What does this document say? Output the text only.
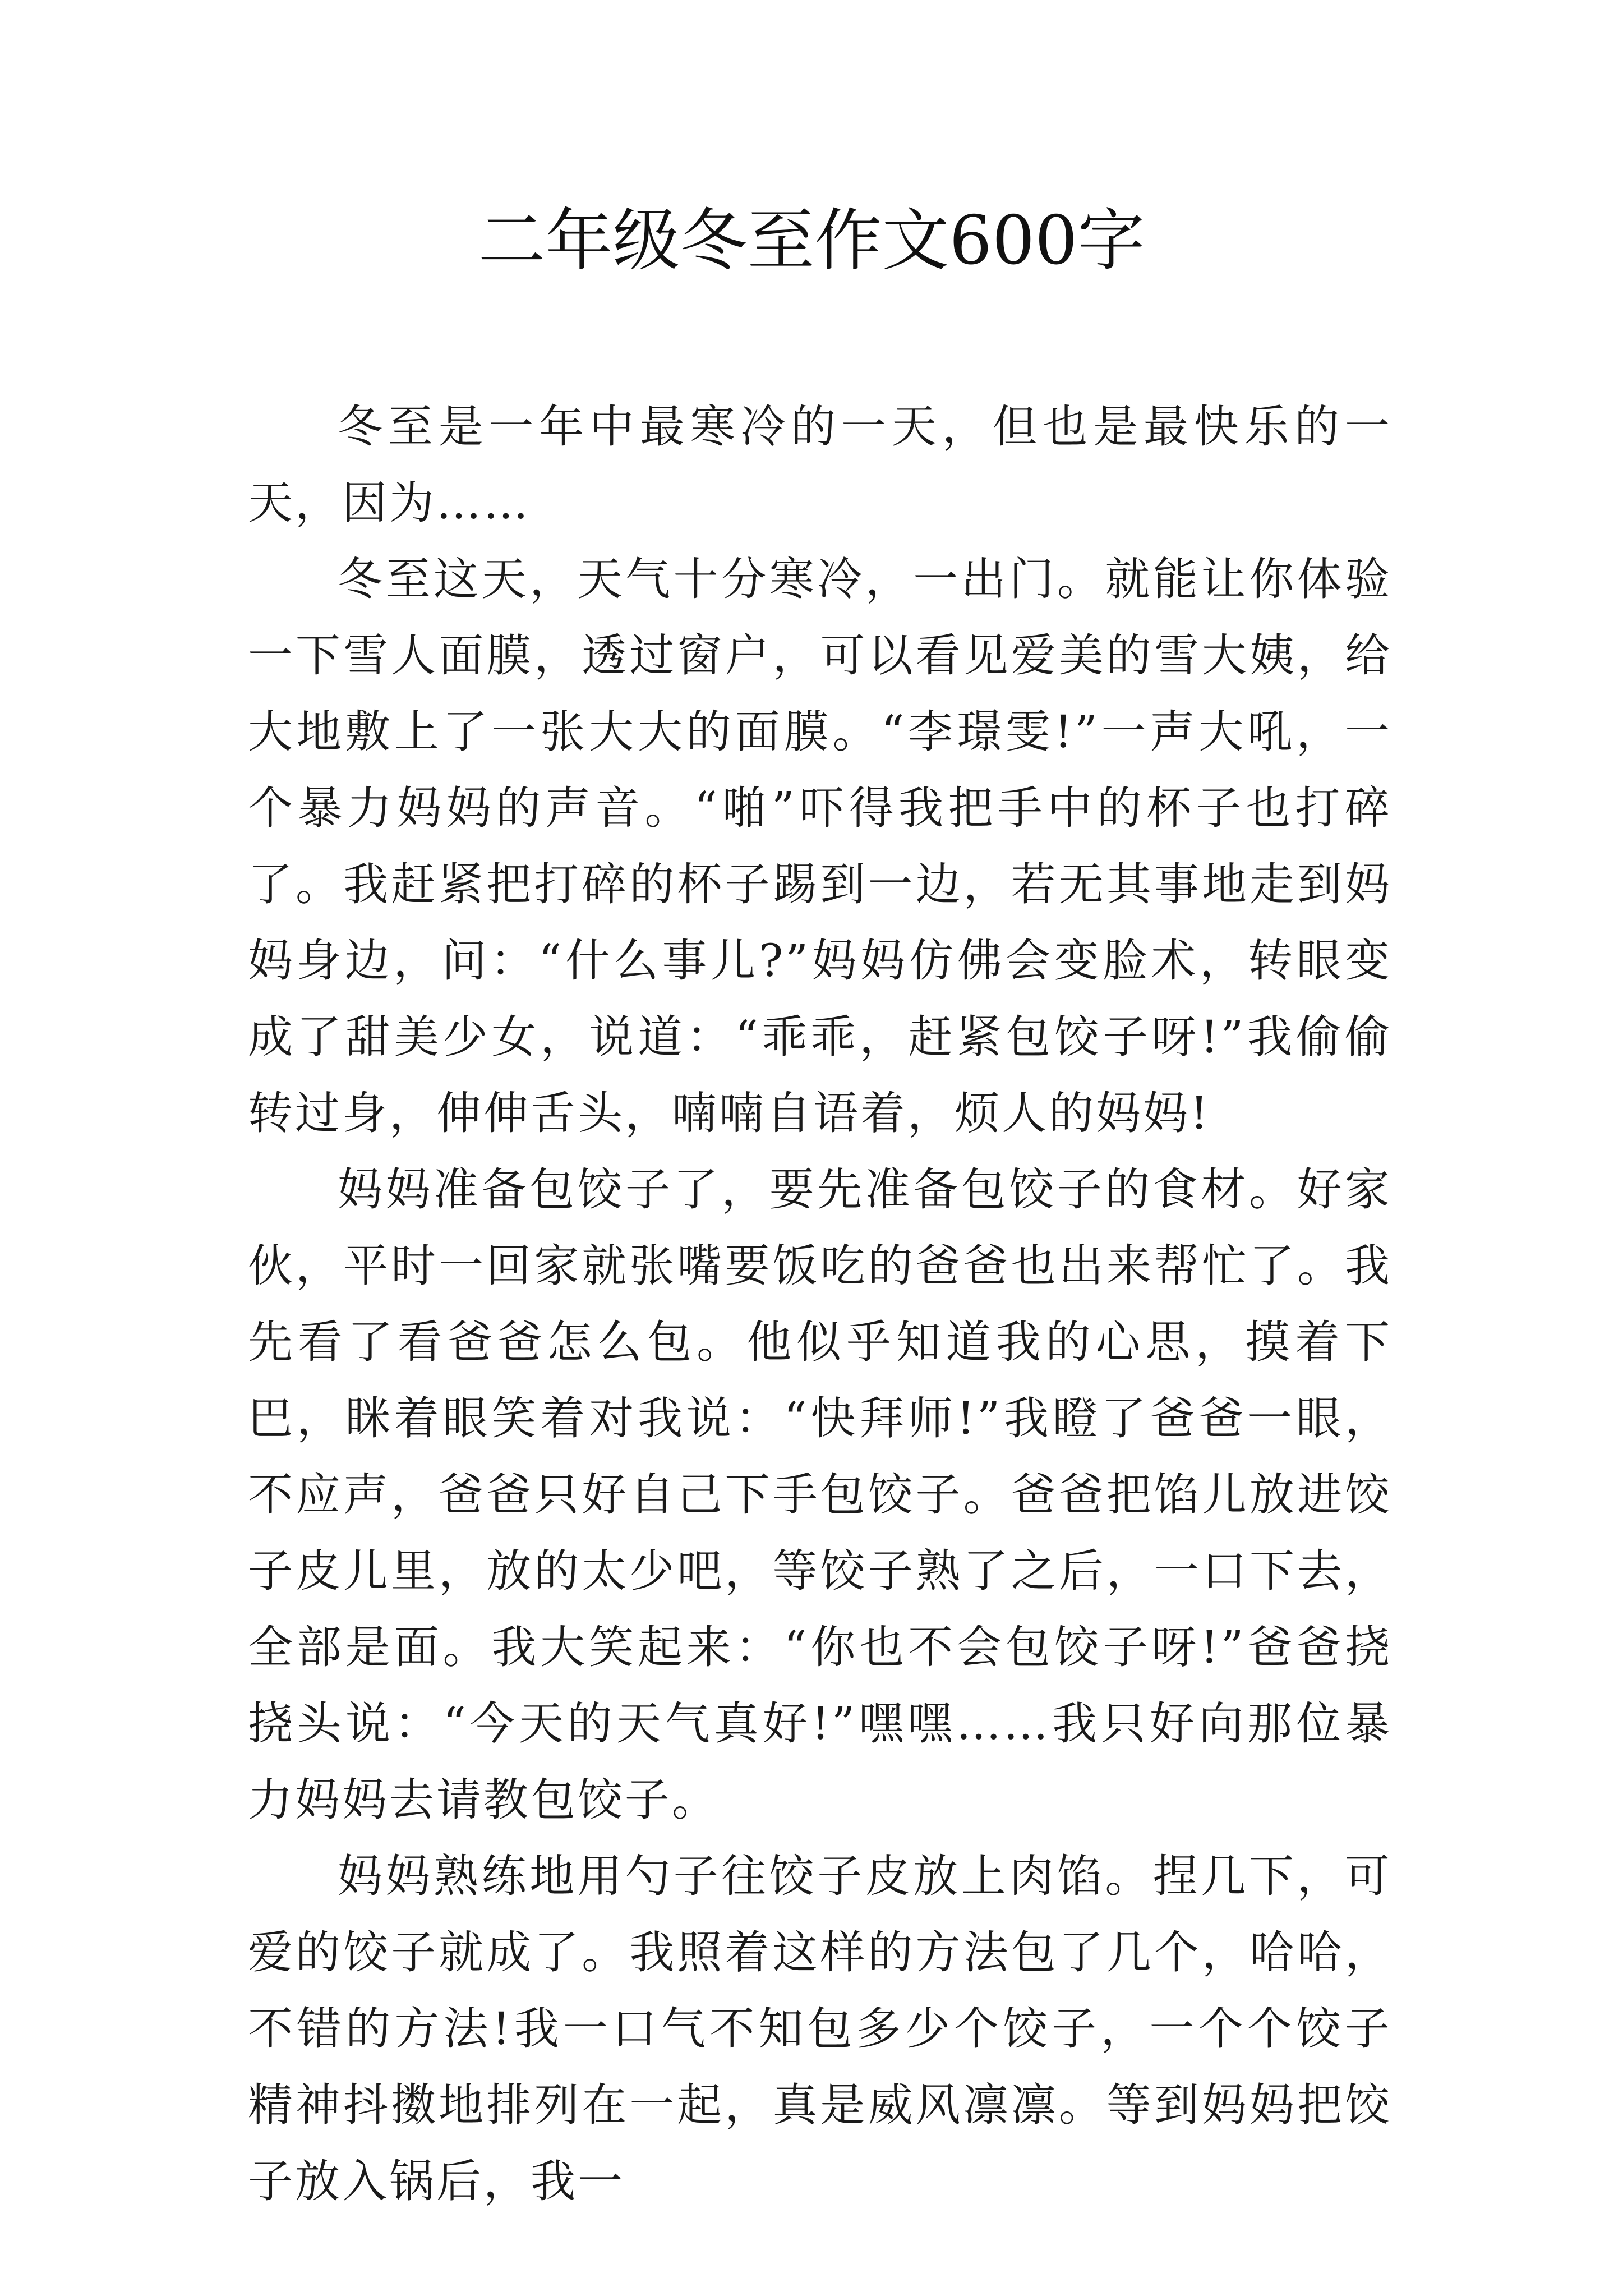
二年级冬至作文600字

冬至是一年中最寒冷的一天，但也是最快乐的一天，因为……

冬至这天，天气十分寒冷，一出门。就能让你体验一下雪人面膜，透过窗户，可以看见爱美的雪大姨，给大地敷上了一张大大的面膜。“李璟雯!”一声大吼，一个暴力妈妈的声音。“啪”吓得我把手中的杯子也打碎了。我赶紧把打碎的杯子踢到一边，若无其事地走到妈妈身边，问：“什么事儿?”妈妈仿佛会变脸术，转眼变成了甜美少女，说道：“乖乖，赶紧包饺子呀!”我偷偷转过身，伸伸舌头，喃喃自语着，烦人的妈妈!

妈妈准备包饺子了，要先准备包饺子的食材。好家伙，平时一回家就张嘴要饭吃的爸爸也出来帮忙了。我先看了看爸爸怎么包。他似乎知道我的心思，摸着下巴，眯着眼笑着对我说：“快拜师!”我瞪了爸爸一眼，不应声，爸爸只好自己下手包饺子。爸爸把馅儿放进饺子皮儿里，放的太少吧，等饺子熟了之后，一口下去，全部是面。我大笑起来：“你也不会包饺子呀!”爸爸挠挠头说：“今天的天气真好!”嘿嘿……我只好向那位暴力妈妈去请教包饺子。

妈妈熟练地用勺子往饺子皮放上肉馅。捏几下，可爱的饺子就成了。我照着这样的方法包了几个，哈哈，不错的方法!我一口气不知包多少个饺子，一个个饺子精神抖擞地排列在一起，真是威风凛凛。等到妈妈把饺子放入锅后，我一
